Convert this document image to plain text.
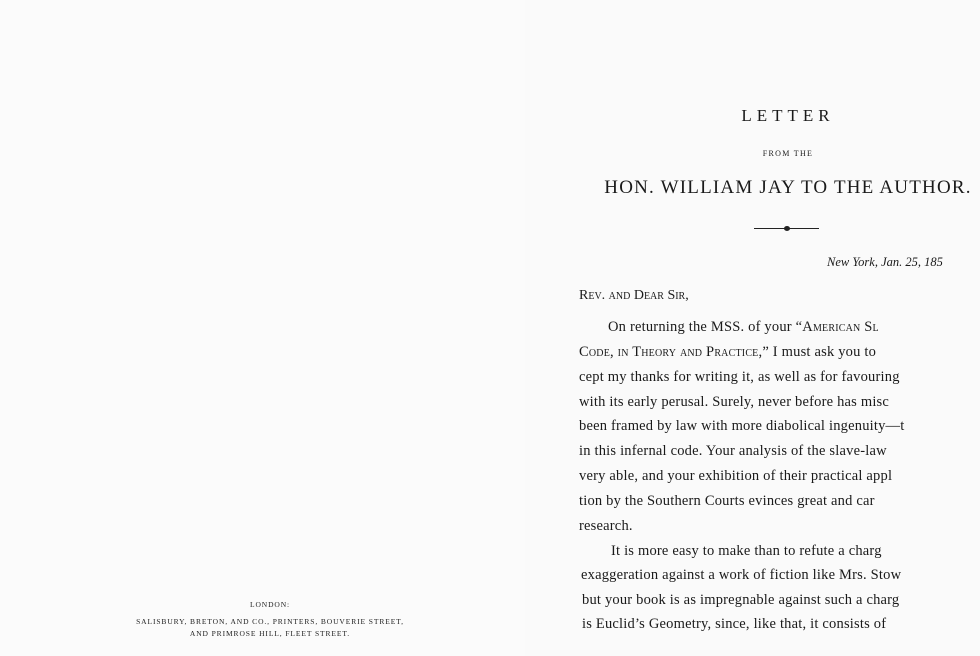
LONDON:
SALISBURY, BRETON, AND CO., PRINTERS, BOUVERIE STREET,
AND PRIMROSE HILL, FLEET STREET.
LETTER
FROM THE
HON. WILLIAM JAY TO THE AUTHOR.
New York, Jan. 25, 185
Rev. and Dear Sir,
On returning the MSS. of your “American Sl
Code, in Theory and Practice,” I must ask you to
cept my thanks for writing it, as well as for favouring
with its early perusal. Surely, never before has misc
been framed by law with more diabolical ingenuity—t
in this infernal code. Your analysis of the slave-law
very able, and your exhibition of their practical appl
tion by the Southern Courts evinces great and car
research.
It is more easy to make than to refute a charg
exaggeration against a work of fiction like Mrs. Stow
but your book is as impregnable against such a charg
is Euclid’s Geometry, since, like that, it consists of
